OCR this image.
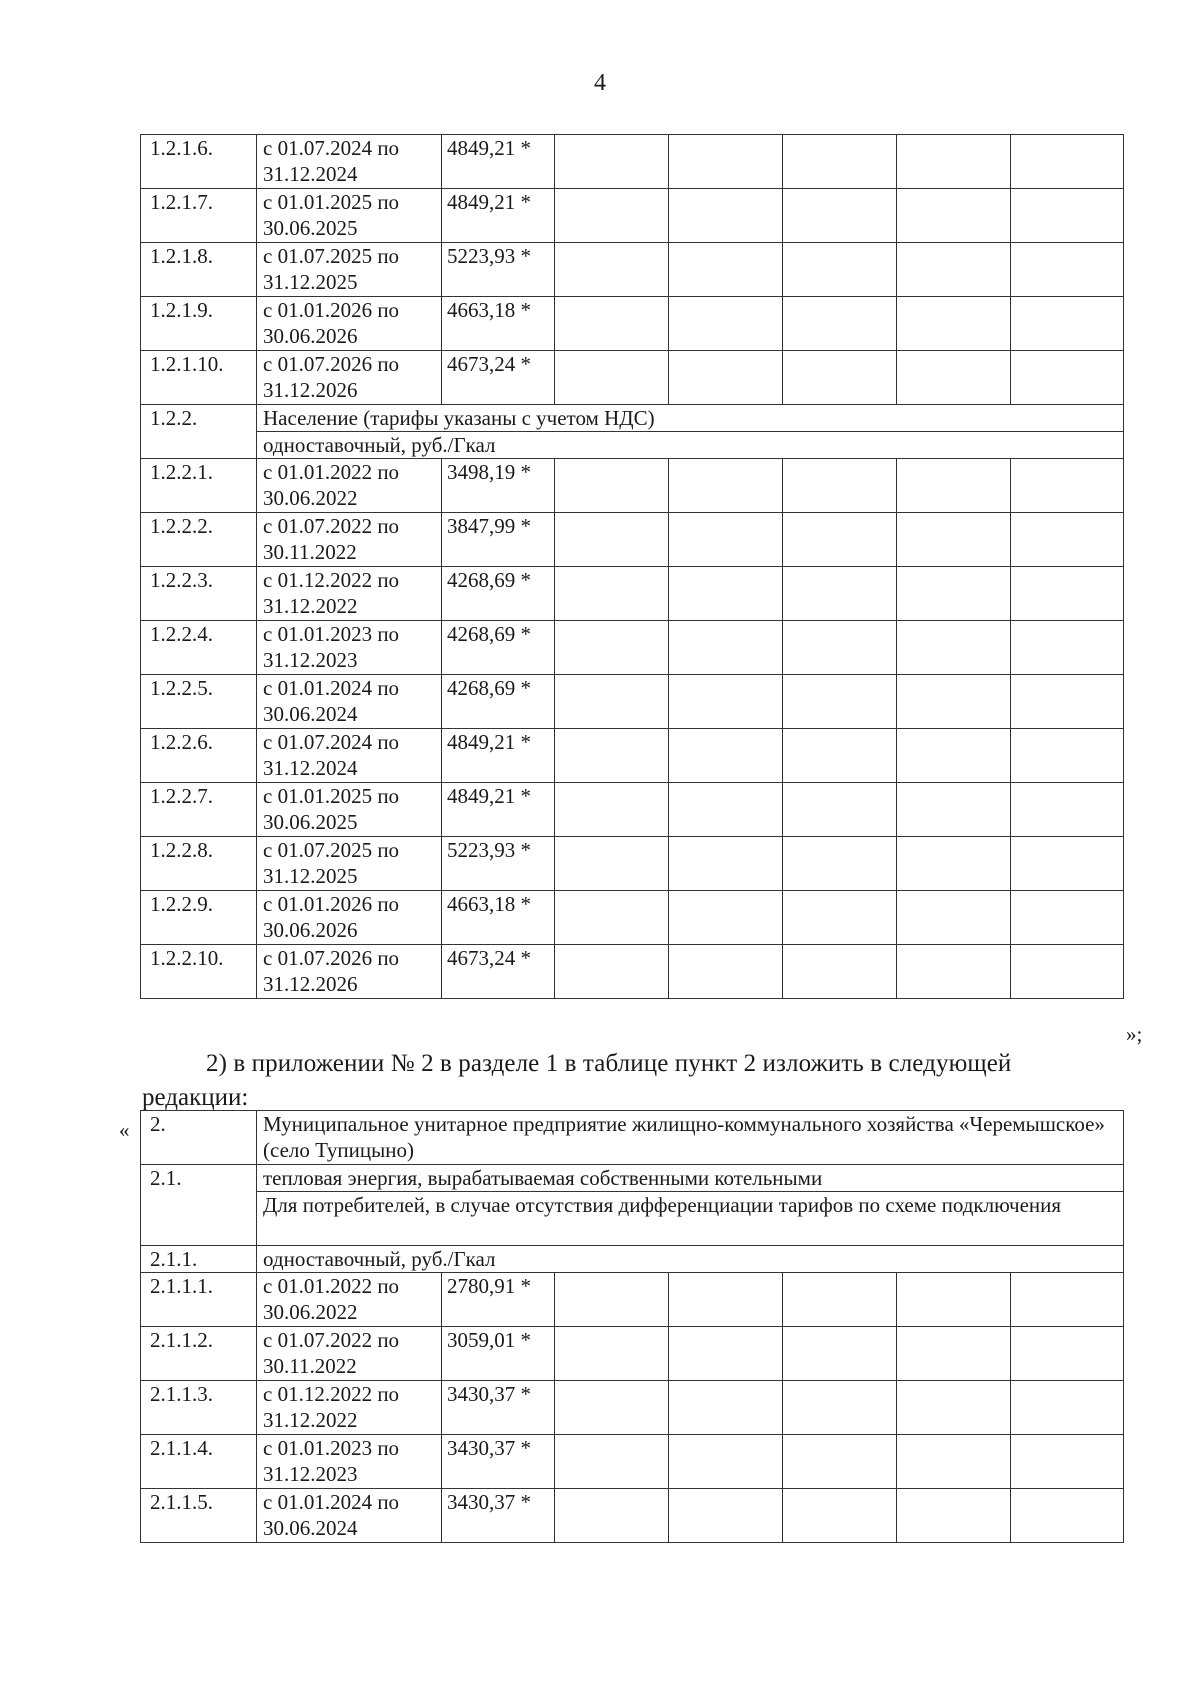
4
1.2.1.6.	с 01.07.2024 по 31.12.2024	4849,21 *					
1.2.1.7.	с 01.01.2025 по 30.06.2025	4849,21 *					
1.2.1.8.	с 01.07.2025 по 31.12.2025	5223,93 *					
1.2.1.9.	с 01.01.2026 по 30.06.2026	4663,18 *					
1.2.1.10.	с 01.07.2026 по 31.12.2026	4673,24 *					
1.2.2.	Население (тарифы указаны с учетом НДС)						
	одноставочный, руб./Гкал						
1.2.2.1.	с 01.01.2022 по 30.06.2022	3498,19 *					
1.2.2.2.	с 01.07.2022 по 30.11.2022	3847,99 *					
1.2.2.3.	с 01.12.2022 по 31.12.2022	4268,69 *					
1.2.2.4.	с 01.01.2023 по 31.12.2023	4268,69 *					
1.2.2.5.	с 01.01.2024 по 30.06.2024	4268,69 *					
1.2.2.6.	с 01.07.2024 по 31.12.2024	4849,21 *					
1.2.2.7.	с 01.01.2025 по 30.06.2025	4849,21 *					
1.2.2.8.	с 01.07.2025 по 31.12.2025	5223,93 *					
1.2.2.9.	с 01.01.2026 по 30.06.2026	4663,18 *					
1.2.2.10.	с 01.07.2026 по 31.12.2026	4673,24 *					
»;
2) в приложении № 2 в разделе 1 в таблице пункт 2 изложить в следующей
редакции:
« 2.	Муниципальное унитарное предприятие жилищно-коммунального хозяйства «Черемышское» (село Тупицыно)						
2.1.	тепловая энергия, вырабатываемая собственными котельными						
	Для потребителей, в случае отсутствия дифференциации тарифов по схеме подключения						
2.1.1.	одноставочный, руб./Гкал						
2.1.1.1.	с 01.01.2022 по 30.06.2022	2780,91 *					
2.1.1.2.	с 01.07.2022 по 30.11.2022	3059,01 *					
2.1.1.3.	с 01.12.2022 по 31.12.2022	3430,37 *					
2.1.1.4.	с 01.01.2023 по 31.12.2023	3430,37 *					
2.1.1.5.	с 01.01.2024 по 30.06.2024	3430,37 *					
